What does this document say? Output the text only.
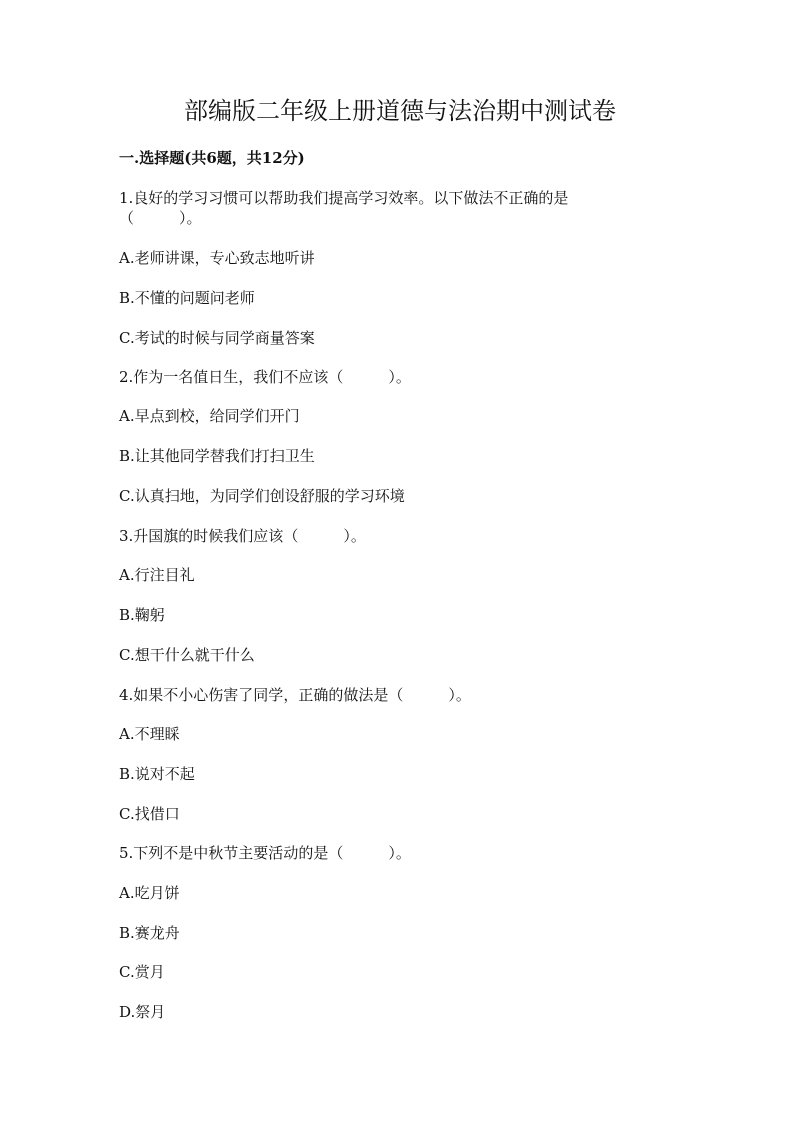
部编版二年级上册道德与法治期中测试卷
一.选择题(共6题，共12分)

1.良好的学习习惯可以帮助我们提高学习效率。以下做法不正确的是

（　　　）。

A.老师讲课，专心致志地听讲

B.不懂的问题问老师

C.考试的时候与同学商量答案

2.作为一名值日生，我们不应该（　　　）。

A.早点到校，给同学们开门

B.让其他同学替我们打扫卫生

C.认真扫地，为同学们创设舒服的学习环境

3.升国旗的时候我们应该（　　　）。

A.行注目礼

B.鞠躬

C.想干什么就干什么

4.如果不小心伤害了同学，正确的做法是（　　　）。

A.不理睬

B.说对不起

C.找借口

5.下列不是中秋节主要活动的是（　　　）。

A.吃月饼

B.赛龙舟

C.赏月

D.祭月
